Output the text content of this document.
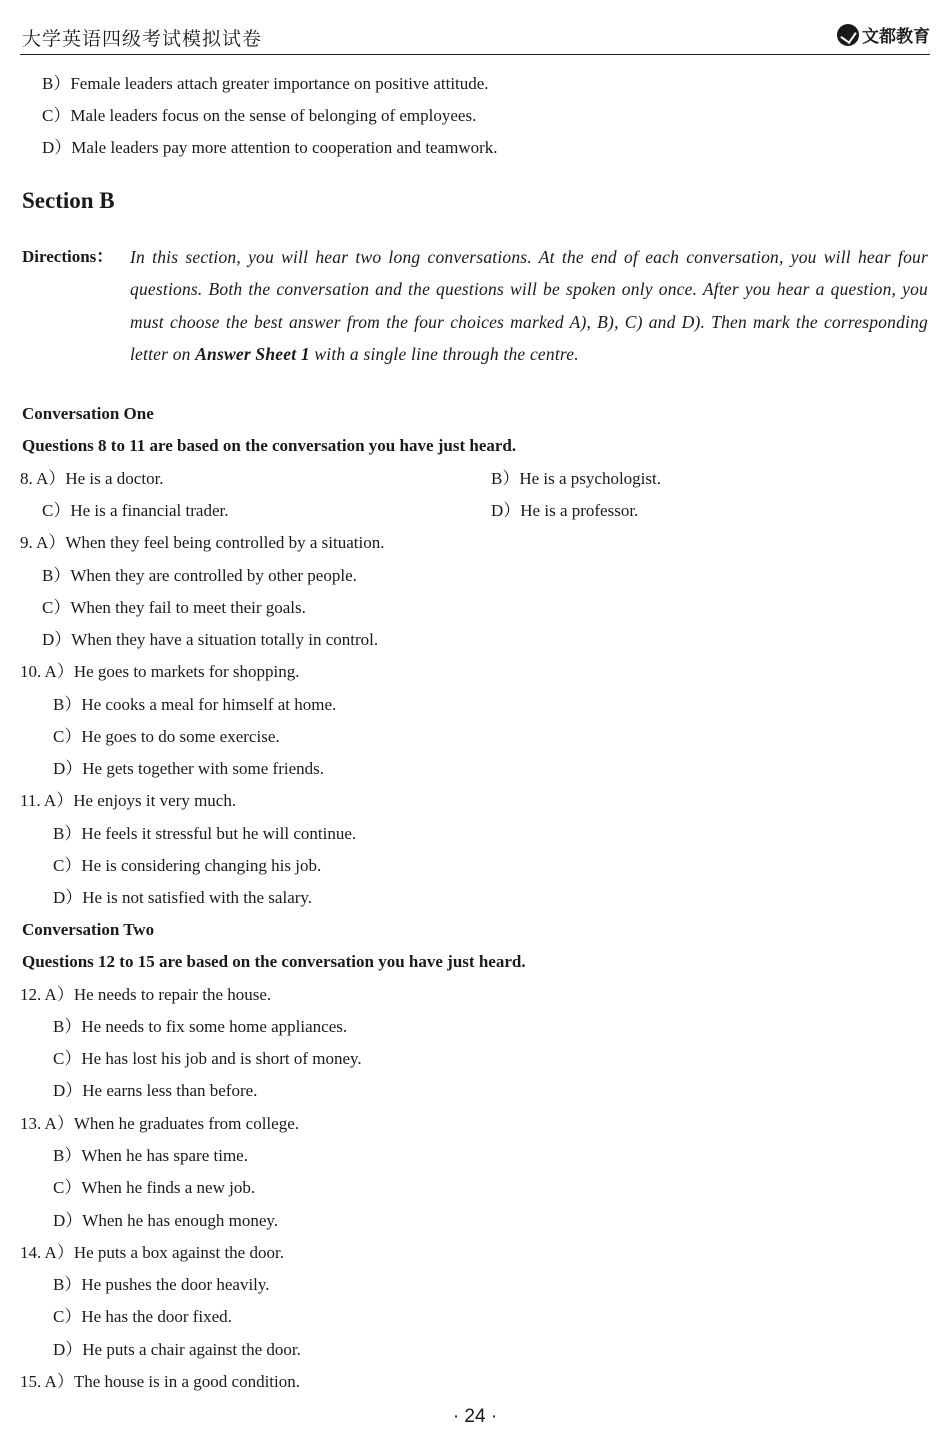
大学英语四级考试模拟试卷	文都教育
B）Female leaders attach greater importance on positive attitude.
C）Male leaders focus on the sense of belonging of employees.
D）Male leaders pay more attention to cooperation and teamwork.
Section B
Directions： In this section, you will hear two long conversations. At the end of each conversation, you will hear four questions. Both the conversation and the questions will be spoken only once. After you hear a question, you must choose the best answer from the four choices marked A), B), C) and D). Then mark the corresponding letter on Answer Sheet 1 with a single line through the centre.
Conversation One
Questions 8 to 11 are based on the conversation you have just heard.
8. A）He is a doctor.	B）He is a psychologist.
C）He is a financial trader.	D）He is a professor.
9. A）When they feel being controlled by a situation.
B）When they are controlled by other people.
C）When they fail to meet their goals.
D）When they have a situation totally in control.
10. A）He goes to markets for shopping.
B）He cooks a meal for himself at home.
C）He goes to do some exercise.
D）He gets together with some friends.
11. A）He enjoys it very much.
B）He feels it stressful but he will continue.
C）He is considering changing his job.
D）He is not satisfied with the salary.
Conversation Two
Questions 12 to 15 are based on the conversation you have just heard.
12. A）He needs to repair the house.
B）He needs to fix some home appliances.
C）He has lost his job and is short of money.
D）He earns less than before.
13. A）When he graduates from college.
B）When he has spare time.
C）When he finds a new job.
D）When he has enough money.
14. A）He puts a box against the door.
B）He pushes the door heavily.
C）He has the door fixed.
D）He puts a chair against the door.
15. A）The house is in a good condition.
· 24 ·
